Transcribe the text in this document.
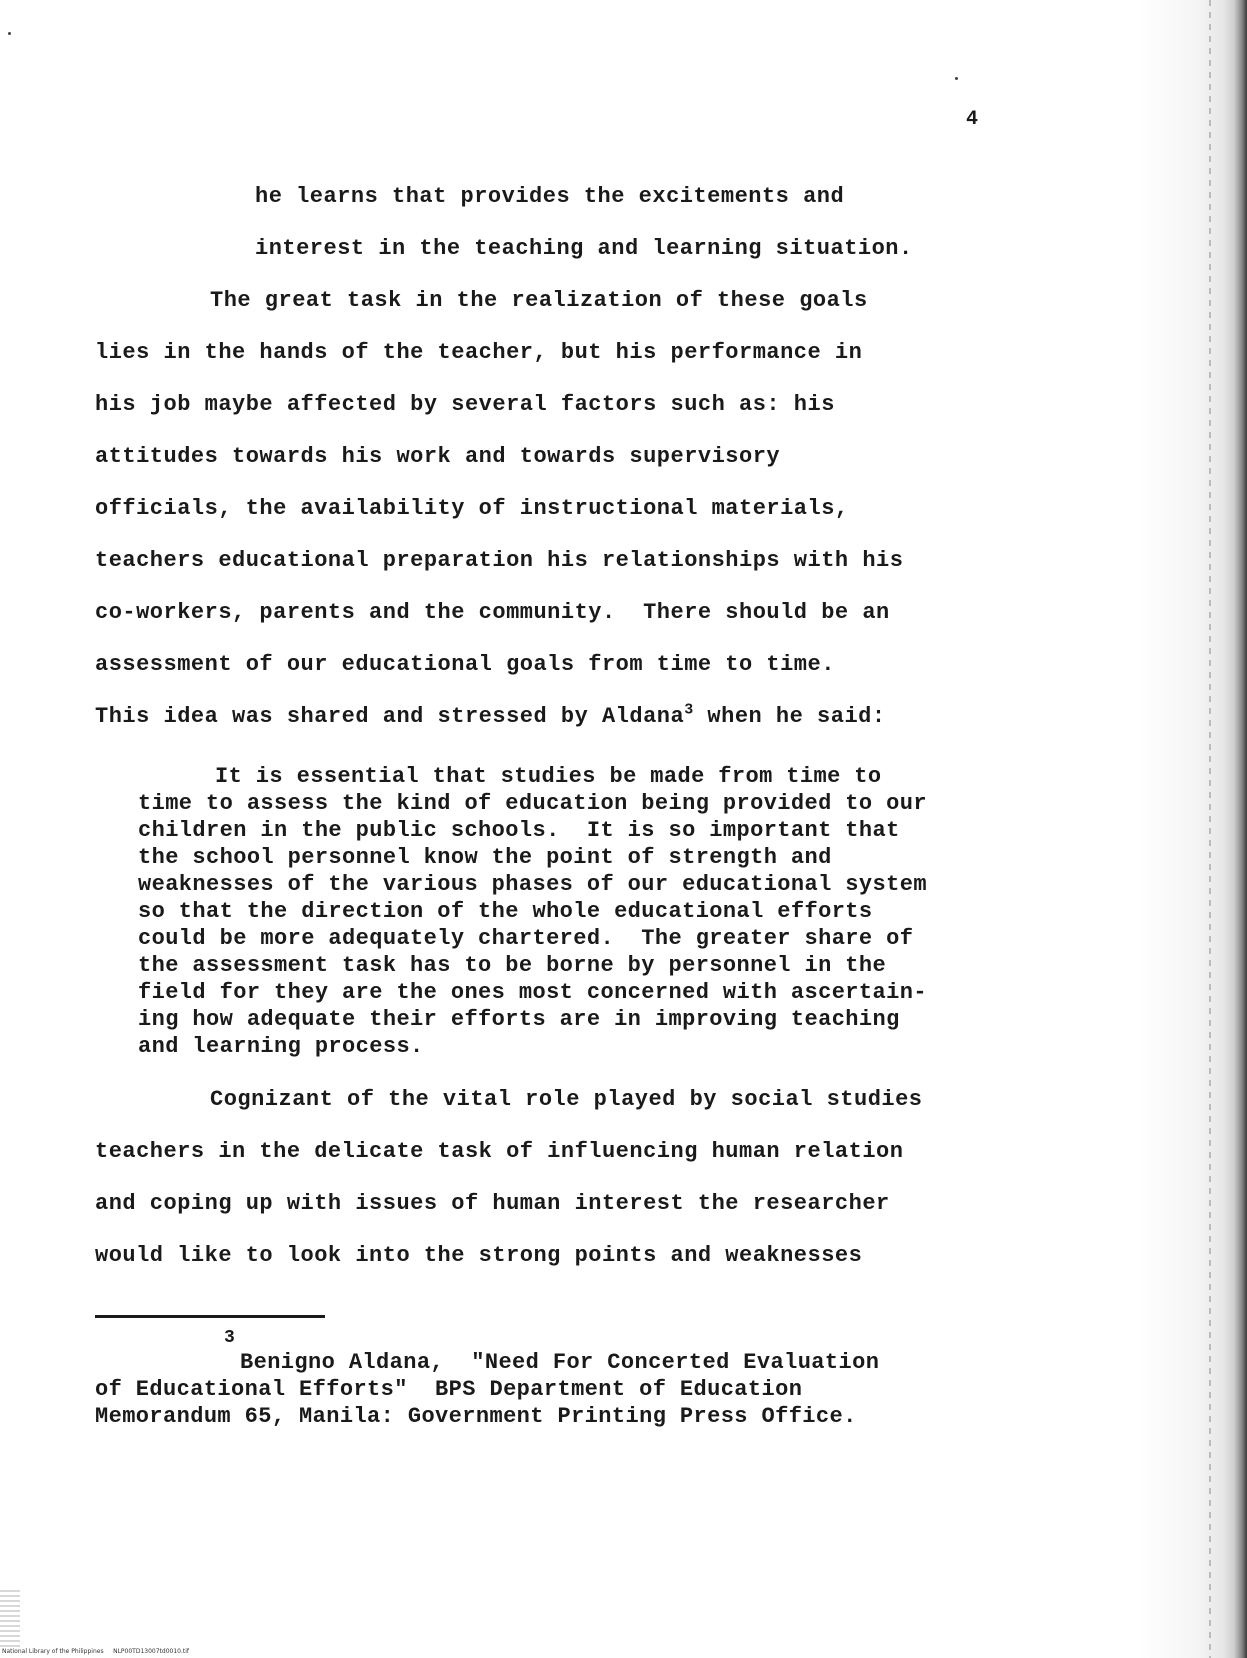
4
he learns that provides the excitements and
interest in the teaching and learning situation.
The great task in the realization of these goals
lies in the hands of the teacher, but his performance in
his job maybe affected by several factors such as: his
attitudes towards his work and towards supervisory
officials, the availability of instructional materials,
teachers educational preparation his relationships with his
co-workers, parents and the community.  There should be an
assessment of our educational goals from time to time.
This idea was shared and stressed by Aldana$^3$ when he said:
It is essential that studies be made from time to
time to assess the kind of education being provided to our
children in the public schools.  It is so important that
the school personnel know the point of strength and
weaknesses of the various phases of our educational system
so that the direction of the whole educational efforts
could be more adequately chartered.  The greater share of
the assessment task has to be borne by personnel in the
field for they are the ones most concerned with ascertain-
ing how adequate their efforts are in improving teaching
and learning process.
Cognizant of the vital role played by social studies
teachers in the delicate task of influencing human relation
and coping up with issues of human interest the researcher
would like to look into the strong points and weaknesses
3
Benigno Aldana,  "Need For Concerted Evaluation
of Educational Efforts"  BPS Department of Education
Memorandum 65, Manila: Government Printing Press Office.
National Library of the Philippines     NLP00TD13007td0010.tif
